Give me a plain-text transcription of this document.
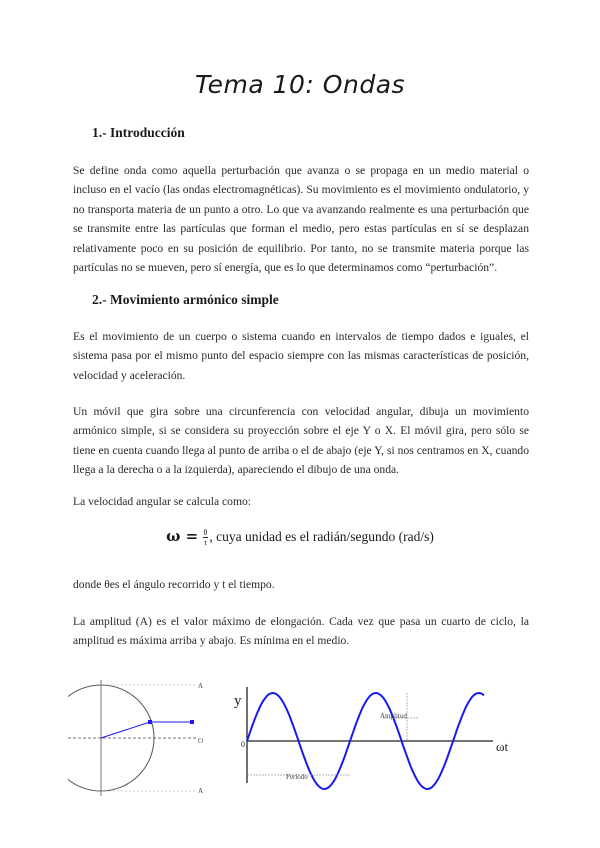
Tema 10: Ondas
1.- Introducción
Se define onda como aquella perturbación que avanza o se propaga en un medio material o incluso en el vacío (las ondas electromagnéticas). Su movimiento es el movimiento ondulatorio, y no transporta materia de un punto a otro. Lo que va avanzando realmente es una perturbación que se transmite entre las partículas que forman el medio, pero estas partículas en sí se desplazan relativamente poco en su posición de equilibrio. Por tanto, no se transmite materia porque las partículas no se mueven, pero sí energía, que es lo que determinamos como “perturbación”.
2.- Movimiento armónico simple
Es el movimiento de un cuerpo o sistema cuando en intervalos de tiempo dados e iguales, el sistema pasa por el mismo punto del espacio siempre con las mismas características de posición, velocidad y aceleración.
Un móvil que gira sobre una circunferencia con velocidad angular, dibuja un movimiento armónico simple, si se considera su proyección sobre el eje Y o X. El móvil gira, pero sólo se tiene en cuenta cuando llega al punto de arriba o el de abajo (eje Y, si nos centramos en X, cuando llega a la derecha o a la izquierda), apareciendo el dibujo de una onda.
La velocidad angular se calcula como:
$\omega = \frac{\theta}{t}$ , cuya unidad es el radián/segundo (rad/s)
donde θes el ángulo recorrido y t el tiempo.
La amplitud (A) es el valor máximo de elongación. Cada vez que pasa un cuarto de ciclo, la amplitud es máxima arriba y abajo. Es mínima en el medio.
A
O
A
y
0	ωt
Amplitud
Período
